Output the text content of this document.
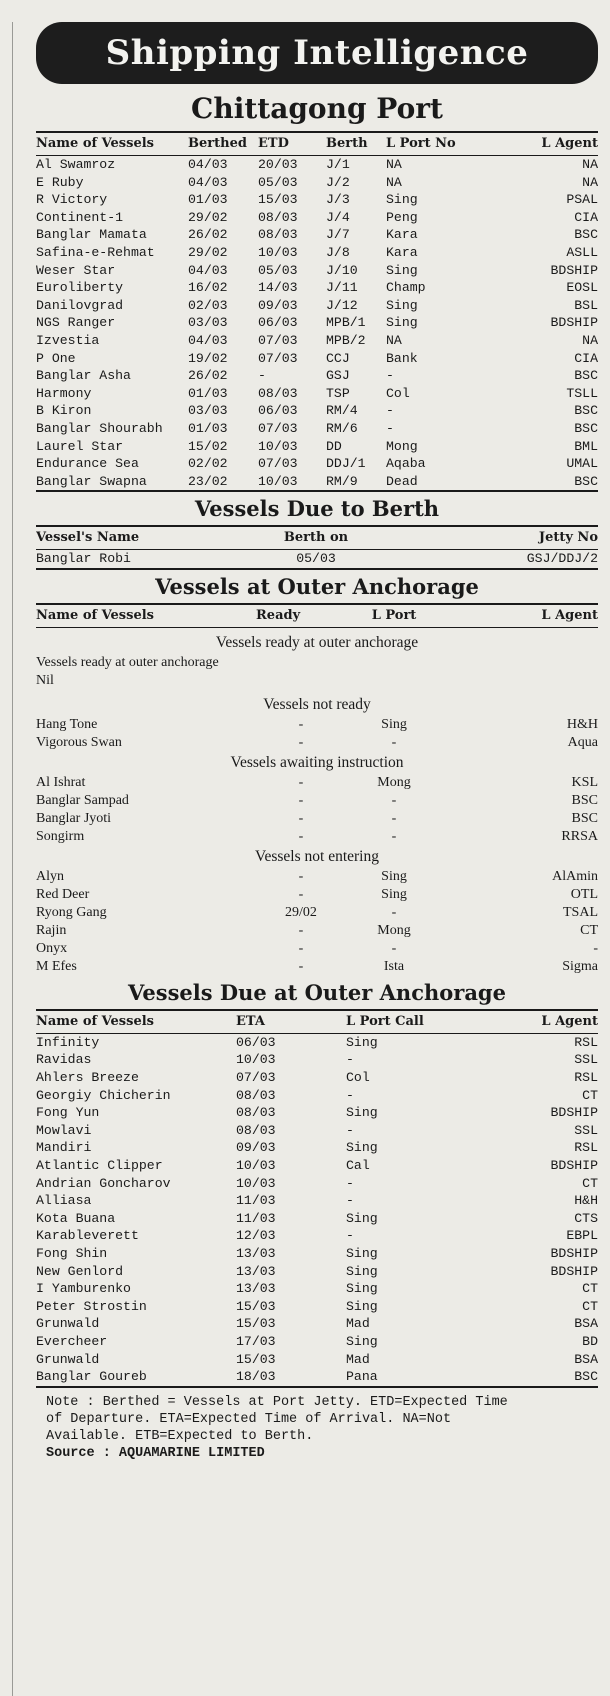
Shipping Intelligence
Chittagong Port
Name of Vessels	Berthed ETD	Berth	L Port No	L Agent
Al Swamroz	04/03	20/03	J/1	NA	NA
E Ruby	04/03	05/03	J/2	NA	NA
R Victory	01/03	15/03	J/3	Sing	PSAL
Continent-1	29/02	08/03	J/4	Peng	CIA
Banglar Mamata	26/02	08/03	J/7	Kara	BSC
Safina-e-Rehmat	29/02	10/03	J/8	Kara	ASLL
Weser Star	04/03	05/03	J/10	Sing	BDSHIP
Euroliberty	16/02	14/03	J/11	Champ	EOSL
Danilovgrad	02/03	09/03	J/12	Sing	BSL
NGS Ranger	03/03	06/03	MPB/1	Sing	BDSHIP
Izvestia	04/03	07/03	MPB/2	NA	NA
P One	19/02	07/03	CCJ	Bank	CIA
Banglar Asha	26/02	-	GSJ	-	BSC
Harmony	01/03	08/03	TSP	Col	TSLL
B Kiron	03/03	06/03	RM/4	-	BSC
Banglar Shourabh	01/03	07/03	RM/6	-	BSC
Laurel Star	15/02	10/03	DD	Mong	BML
Endurance Sea	02/02	07/03	DDJ/1	Aqaba	UMAL
Banglar Swapna	23/02	10/03	RM/9	Dead	BSC
Vessels Due to Berth
Vessel's Name	Berth on	Jetty No
Banglar Robi	05/03	GSJ/DDJ/2
Vessels at Outer Anchorage
Name of Vessels	Ready	L Port	L Agent
Vessels ready at outer anchorage
Vessels ready at outer anchorage
Nil
Vessels not ready
Hang Tone	-	Sing	H&H
Vigorous Swan	-	-	Aqua
Vessels awaiting instruction
Al Ishrat	-	Mong	KSL
Banglar Sampad	-	-	BSC
Banglar Jyoti	-	-	BSC
Songirm	-	-	RRSA
Vessels not entering
Alyn	-	Sing	AlAmin
Red Deer	-	Sing	OTL
Ryong Gang	29/02	-	TSAL
Rajin	-	Mong	CT
Onyx	-	-	-
M Efes	-	Ista	Sigma
Vessels Due at Outer Anchorage
Name of Vessels	ETA	L Port Call	L Agent
Infinity	06/03	Sing	RSL
Ravidas	10/03	-	SSL
Ahlers Breeze	07/03	Col	RSL
Georgiy Chicherin	08/03	-	CT
Fong Yun	08/03	Sing	BDSHIP
Mowlavi	08/03	-	SSL
Mandiri	09/03	Sing	RSL
Atlantic Clipper	10/03	Cal	BDSHIP
Andrian Goncharov	10/03	-	CT
Alliasa	11/03	-	H&H
Kota Buana	11/03	Sing	CTS
Karableverett	12/03	-	EBPL
Fong Shin	13/03	Sing	BDSHIP
New Genlord	13/03	Sing	BDSHIP
I Yamburenko	13/03	Sing	CT
Peter Strostin	15/03	Sing	CT
Grunwald	15/03	Mad	BSA
Evercheer	17/03	Sing	BD
Grunwald	15/03	Mad	BSA
Banglar Goureb	18/03	Pana	BSC
Note : Berthed = Vessels at Port Jetty. ETD=Expected Time
of Departure. ETA=Expected Time of Arrival. NA=Not
Available. ETB=Expected to Berth.
Source : AQUAMARINE LIMITED
